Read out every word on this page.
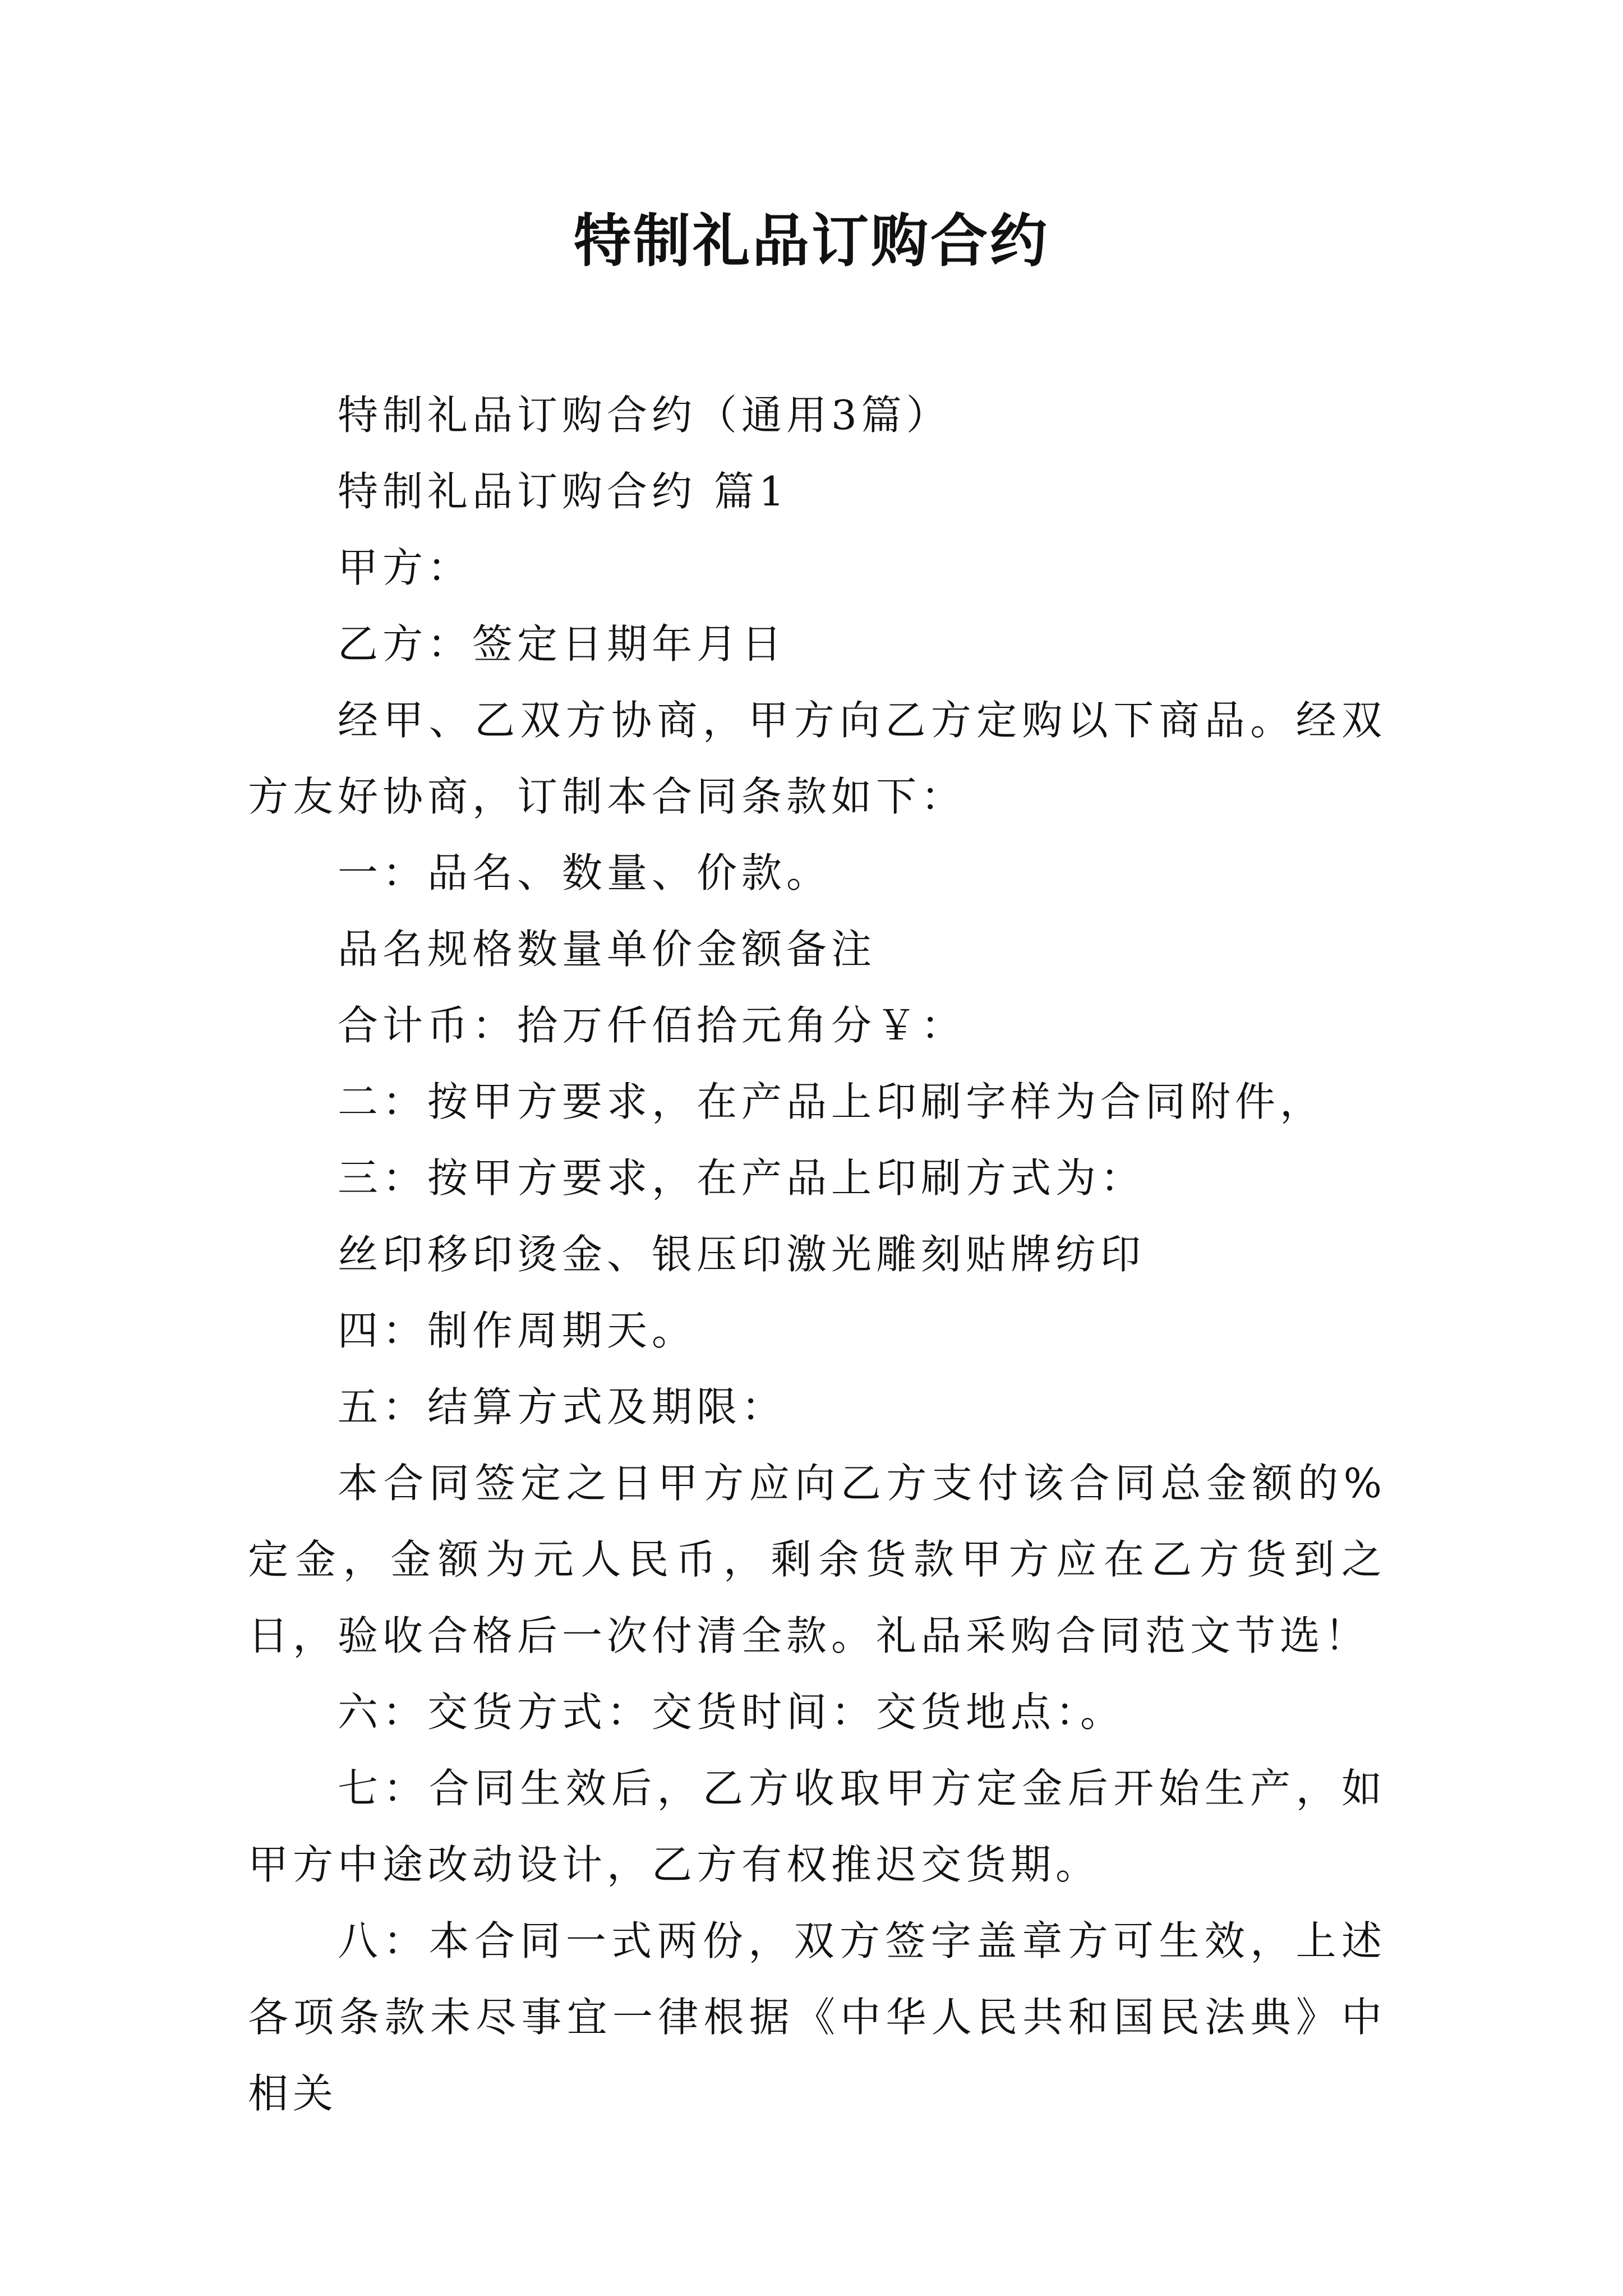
特制礼品订购合约

特制礼品订购合约（通用3篇）

特制礼品订购合约 篇1

甲方：

乙方：签定日期年月日

经甲、乙双方协商，甲方向乙方定购以下商品。经双方友好协商，订制本合同条款如下：

一：品名、数量、价款。

品名规格数量单价金额备注

合计币：拾万仟佰拾元角分￥：

二：按甲方要求，在产品上印刷字样为合同附件，

三：按甲方要求，在产品上印刷方式为：

丝印移印烫金、银压印激光雕刻贴牌纺印

四：制作周期天。

五：结算方式及期限：

本合同签定之日甲方应向乙方支付该合同总金额的%定金，金额为元人民币，剩余货款甲方应在乙方货到之日，验收合格后一次付清全款。礼品采购合同范文节选！

六：交货方式：交货时间：交货地点：。

七：合同生效后，乙方收取甲方定金后开始生产，如甲方中途改动设计，乙方有权推迟交货期。

八：本合同一式两份，双方签字盖章方可生效，上述各项条款未尽事宜一律根据《中华人民共和国民法典》中相关
